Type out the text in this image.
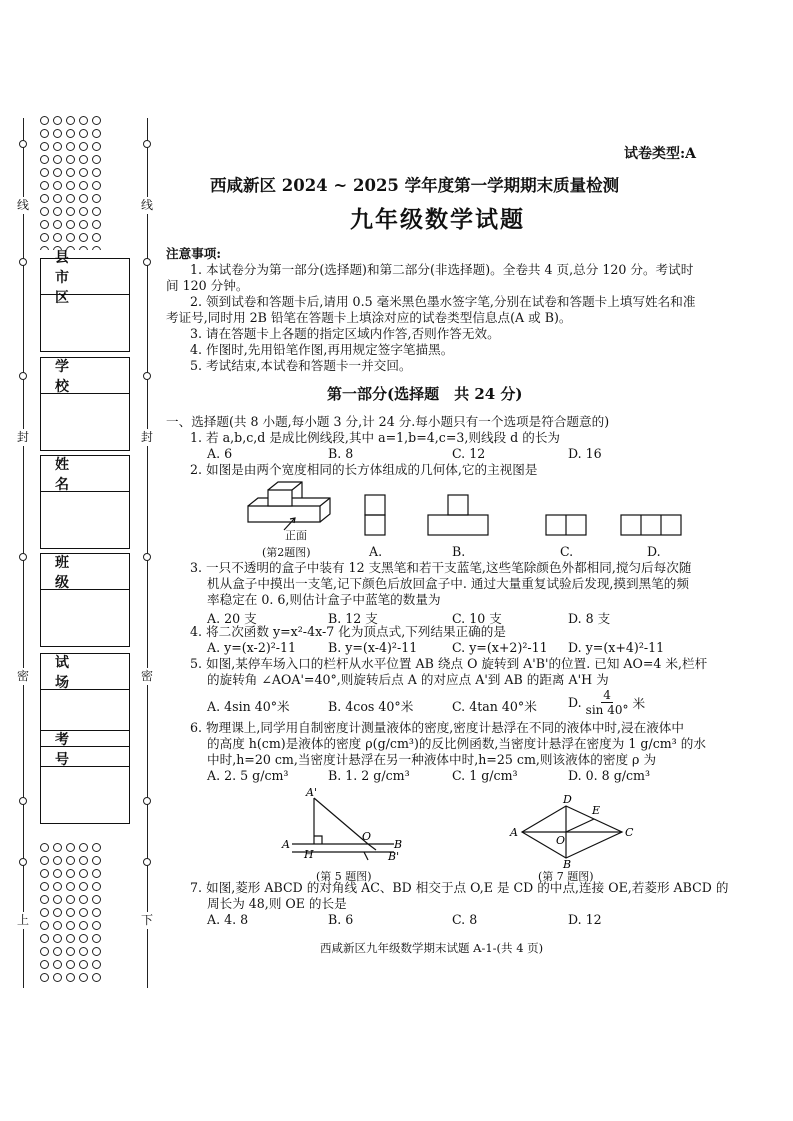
线
封
密
上
线
封
密
下
县 市 区
学 校
姓 名
班 级
试 场
考 号
试卷类型:A
西咸新区 2024 ~ 2025 学年度第一学期期末质量检测
九年级数学试题
注意事项:
1. 本试卷分为第一部分(选择题)和第二部分(非选择题)。全卷共 4 页,总分 120 分。考试时
间 120 分钟。
2. 领到试卷和答题卡后,请用 0.5 毫米黑色墨水签字笔,分别在试卷和答题卡上填写姓名和准
考证号,同时用 2B 铅笔在答题卡上填涂对应的试卷类型信息点(A 或 B)。
3. 请在答题卡上各题的指定区域内作答,否则作答无效。
4. 作图时,先用铅笔作图,再用规定签字笔描黑。
5. 考试结束,本试卷和答题卡一并交回。
第一部分(选择题　共 24 分)
一、选择题(共 8 小题,每小题 3 分,计 24 分.每小题只有一个选项是符合题意的)
1. 若 a,b,c,d 是成比例线段,其中 a=1,b=4,c=3,则线段 d 的长为
A. 6	B. 8	C. 12	D. 16
2. 如图是由两个宽度相同的长方体组成的几何体,它的主视图是
正面
(第2题图)	A.	B.	C.	D.
3. 一只不透明的盒子中装有 12 支黑笔和若干支蓝笔,这些笔除颜色外都相同,搅匀后每次随
机从盒子中摸出一支笔,记下颜色后放回盒子中. 通过大量重复试验后发现,摸到黑笔的频
率稳定在 0. 6,则估计盒子中蓝笔的数量为
A. 20 支	B. 12 支	C. 10 支	D. 8 支
4. 将二次函数 y=x²-4x-7 化为顶点式,下列结果正确的是
A. y=(x-2)²-11	B. y=(x-4)²-11	C. y=(x+2)²-11 D. y=(x+4)²-11
5. 如图,某停车场入口的栏杆从水平位置 AB 绕点 O 旋转到 A'B'的位置. 已知 AO=4 米,栏杆
的旋转角 ∠AOA'=40°,则旋转后点 A 的对应点 A'到 AB 的距离 A'H 为
A. 4sin 40°米	B. 4cos 40°米	C. 4tan 40°米 D. $\frac{4}{\sin 40^\circ}$ 米
6. 物理课上,同学用自制密度计测量液体的密度,密度计悬浮在不同的液体中时,浸在液体中
的高度 h(cm)是液体的密度 ρ(g/cm³)的反比例函数,当密度计悬浮在密度为 1 g/cm³ 的水
中时,h=20 cm,当密度计悬浮在另一种液体中时,h=25 cm,则该液体的密度 ρ 为
A. 2. 5 g/cm³	B. 1. 2 g/cm³	C. 1 g/cm³	D. 0. 8 g/cm³
A'
A
H
O
B
B'
(第 5 题图)
D
E
A
O
C
B
(第 7 题图)
7. 如图,菱形 ABCD 的对角线 AC、BD 相交于点 O,E 是 CD 的中点,连接 OE,若菱形 ABCD 的
周长为 48,则 OE 的长是
A. 4. 8	B. 6	C. 8	D. 12
西咸新区九年级数学期末试题 A-1-(共 4 页)
